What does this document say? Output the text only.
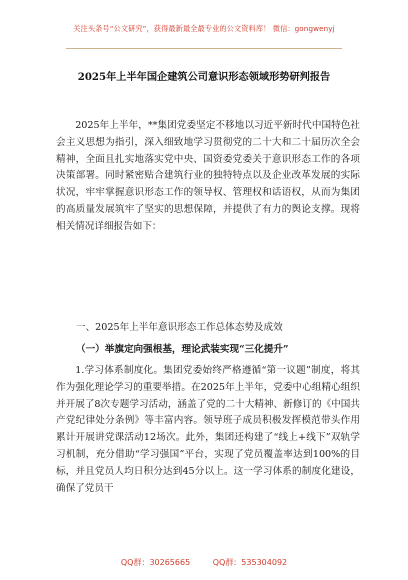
关注头条号“公文研究”，获得最新最全最专业的公文资料库！ 微信：gongwenyj
2025年上半年国企建筑公司意识形态领域形势研判报告

2025年上半年，**集团党委坚定不移地以习近平新时代中国特色社会主义思想为指引，深入细致地学习贯彻党的二十大和二十届历次全会精神，全面且扎实地落实党中央、国资委党委关于意识形态工作的各项决策部署。同时紧密贴合建筑行业的独特特点以及企业改革发展的实际状况，牢牢掌握意识形态工作的领导权、管理权和话语权，从而为集团的高质量发展筑牢了坚实的思想保障，并提供了有力的舆论支撑。现将相关情况详细报告如下：

一、2025年上半年意识形态工作总体态势及成效
（一）举旗定向强根基，理论武装实现“三化提升”

1.学习体系制度化。集团党委始终严格遵循“第一议题”制度，将其作为强化理论学习的重要举措。在2025年上半年，党委中心组精心组织并开展了8次专题学习活动，涵盖了党的二十大精神、新修订的《中国共产党纪律处分条例》等丰富内容。领导班子成员积极发挥模范带头作用累计开展讲党课活动12场次。此外，集团还构建了“线上+线下”双轨学习机制，充分借助“学习强国”平台，实现了党员覆盖率达到100%的目标，并且党员人均日积分达到45分以上。这一学习体系的制度化建设，确保了党员干

QQ群：30265665	QQ群：535304092
